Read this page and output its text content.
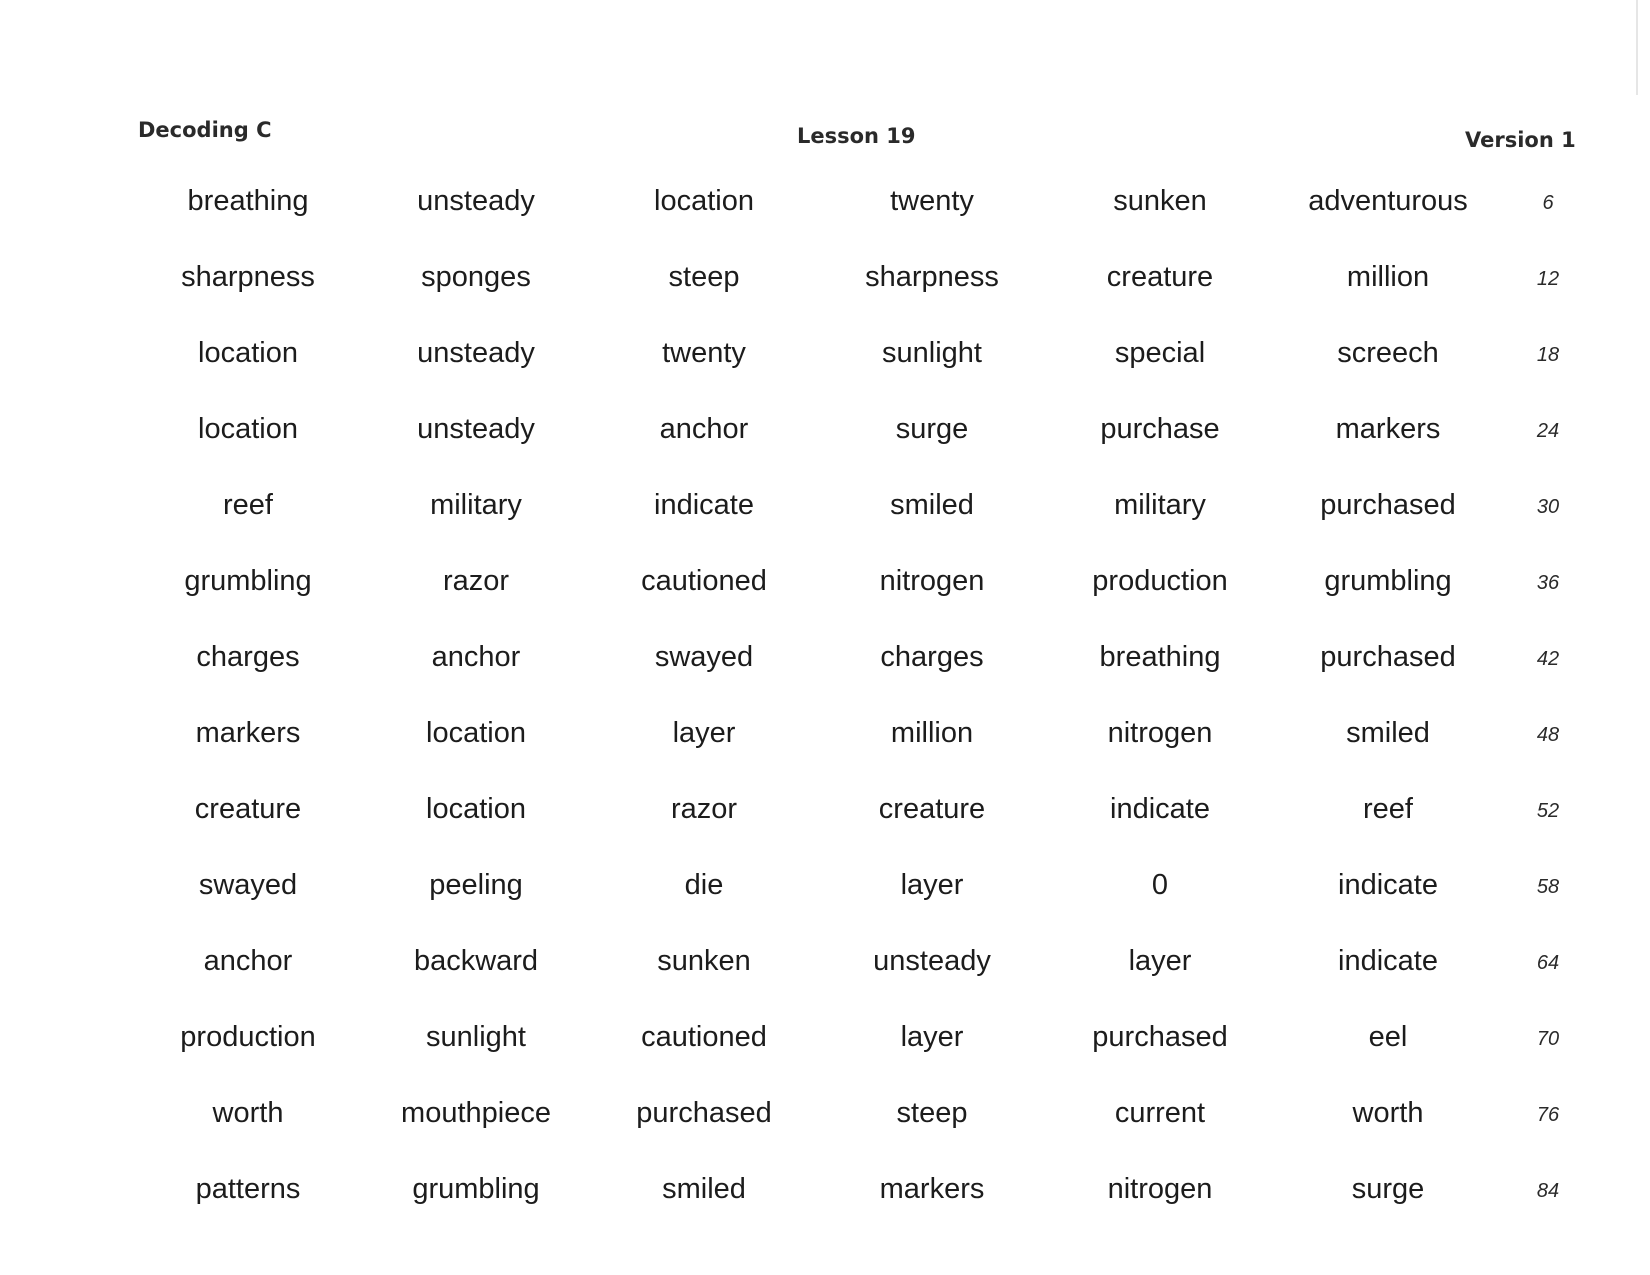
Decoding C	Lesson 19	Version 1
breathing	unsteady	location	twenty	sunken	adventurous	6
sharpness	sponges	steep	sharpness	creature	million	12
location	unsteady	twenty	sunlight	special	screech	18
location	unsteady	anchor	surge	purchase	markers	24
reef	military	indicate	smiled	military	purchased	30
grumbling	razor	cautioned	nitrogen	production	grumbling	36
charges	anchor	swayed	charges	breathing	purchased	42
markers	location	layer	million	nitrogen	smiled	48
creature	location	razor	creature	indicate	reef	52
swayed	peeling	die	layer	0	indicate	58
anchor	backward	sunken	unsteady	layer	indicate	64
production	sunlight	cautioned	layer	purchased	eel	70
worth	mouthpiece	purchased	steep	current	worth	76
patterns	grumbling	smiled	markers	nitrogen	surge	84
